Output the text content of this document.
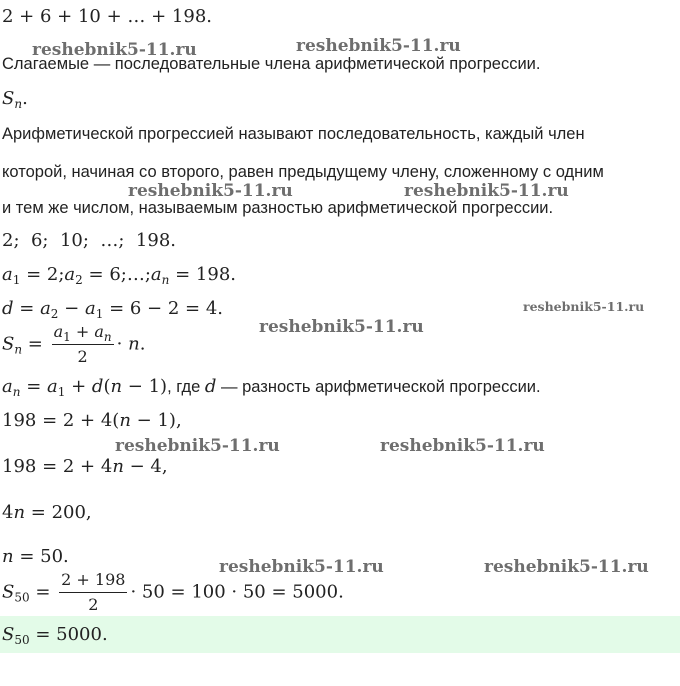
2 + 6 + 10 + … + 198.
Слагаемые — последовательные члена арифметической прогрессии.
$S_n$.
Арифметической прогрессией называют последовательность, каждый член
которой, начиная со второго, равен предыдущему члену, сложенному с одним
и тем же числом, называемым разностью арифметической прогрессии.
2; 6; 10; …; 198.
$a_1$ = $2;a_2$ = $6;\dots;a_n = 198$.
$d = a_2 - a_1 = 6 - 2 = 4$.
$S_n = \frac{a_1 + a_n}{2} \cdot n$.
$a_n = a_1 + d(n - 1)$, где d — разность арифметической прогрессии.
198 = 2 + 4(n − 1),
198 = 2 + 4n − 4,
4n = 200,
n = 50.
$S_{50} = \frac{2 + 198}{2} \cdot 50 = 100 \cdot 50 = 5000$.
$S_{50} = 5000$.
reshebnik5-11.ru	reshebnik5-11.ru
reshebnik5-11.ru	reshebnik5-11.ru
reshebnik5-11.ru
reshebnik5-11.ru
reshebnik5-11.ru	reshebnik5-11.ru
reshebnik5-11.ru	reshebnik5-11.ru
